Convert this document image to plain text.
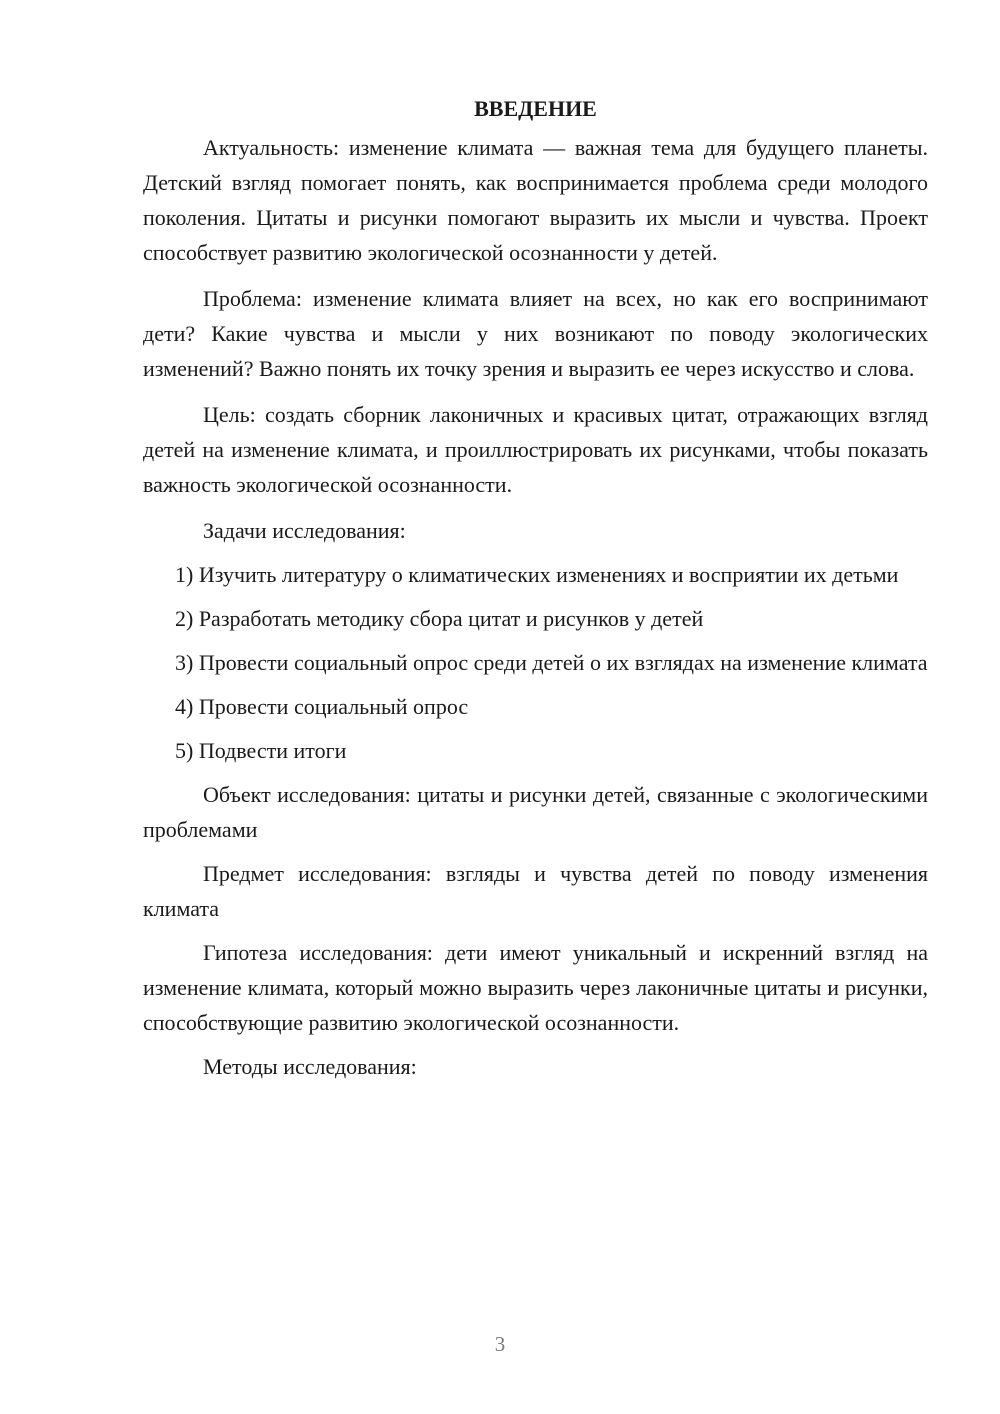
ВВЕДЕНИЕ

Актуальность: изменение климата — важная тема для будущего планеты. Детский взгляд помогает понять, как воспринимается проблема среди молодого поколения. Цитаты и рисунки помогают выразить их мысли и чувства. Проект способствует развитию экологической осознанности у детей.

Проблема: изменение климата влияет на всех, но как его воспринимают дети? Какие чувства и мысли у них возникают по поводу экологических изменений? Важно понять их точку зрения и выразить ее через искусство и слова.

Цель: создать сборник лаконичных и красивых цитат, отражающих взгляд детей на изменение климата, и проиллюстрировать их рисунками, чтобы показать важность экологической осознанности.

Задачи исследования:

1) Изучить литературу о климатических изменениях и восприятии их детьми

2) Разработать методику сбора цитат и рисунков у детей

3) Провести социальный опрос среди детей о их взглядах на изменение климата

4) Провести социальный опрос

5) Подвести итоги

Объект исследования: цитаты и рисунки детей, связанные с экологическими проблемами

Предмет исследования: взгляды и чувства детей по поводу изменения климата

Гипотеза исследования: дети имеют уникальный и искренний взгляд на изменение климата, который можно выразить через лаконичные цитаты и рисунки, способствующие развитию экологической осознанности.

Методы исследования:

3
